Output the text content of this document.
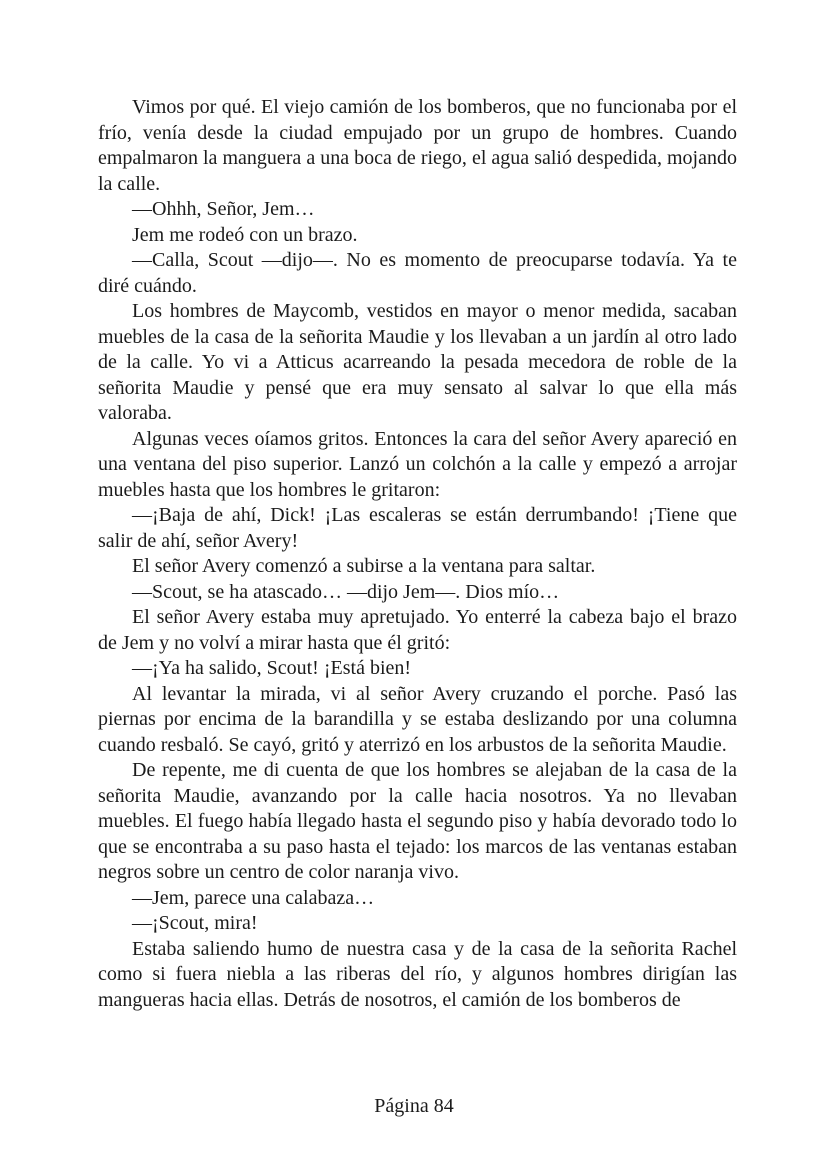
Vimos por qué. El viejo camión de los bomberos, que no funcionaba por el frío, venía desde la ciudad empujado por un grupo de hombres. Cuando empalmaron la manguera a una boca de riego, el agua salió despedida, mojando la calle.

—Ohhh, Señor, Jem…

Jem me rodeó con un brazo.

—Calla, Scout —dijo—. No es momento de preocuparse todavía. Ya te diré cuándo.

Los hombres de Maycomb, vestidos en mayor o menor medida, sacaban muebles de la casa de la señorita Maudie y los llevaban a un jardín al otro lado de la calle. Yo vi a Atticus acarreando la pesada mecedora de roble de la señorita Maudie y pensé que era muy sensato al salvar lo que ella más valoraba.

Algunas veces oíamos gritos. Entonces la cara del señor Avery apareció en una ventana del piso superior. Lanzó un colchón a la calle y empezó a arrojar muebles hasta que los hombres le gritaron:

—¡Baja de ahí, Dick! ¡Las escaleras se están derrumbando! ¡Tiene que salir de ahí, señor Avery!

El señor Avery comenzó a subirse a la ventana para saltar.

—Scout, se ha atascado… —dijo Jem—. Dios mío…

El señor Avery estaba muy apretujado. Yo enterré la cabeza bajo el brazo de Jem y no volví a mirar hasta que él gritó:

—¡Ya ha salido, Scout! ¡Está bien!

Al levantar la mirada, vi al señor Avery cruzando el porche. Pasó las piernas por encima de la barandilla y se estaba deslizando por una columna cuando resbaló. Se cayó, gritó y aterrizó en los arbustos de la señorita Maudie.

De repente, me di cuenta de que los hombres se alejaban de la casa de la señorita Maudie, avanzando por la calle hacia nosotros. Ya no llevaban muebles. El fuego había llegado hasta el segundo piso y había devorado todo lo que se encontraba a su paso hasta el tejado: los marcos de las ventanas estaban negros sobre un centro de color naranja vivo.

—Jem, parece una calabaza…

—¡Scout, mira!

Estaba saliendo humo de nuestra casa y de la casa de la señorita Rachel como si fuera niebla a las riberas del río, y algunos hombres dirigían las mangueras hacia ellas. Detrás de nosotros, el camión de los bomberos de

Página 84
